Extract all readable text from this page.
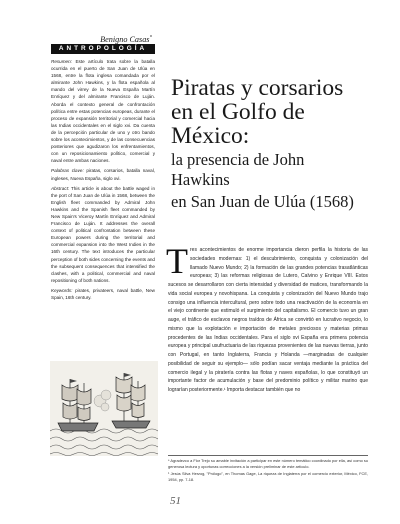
Benigno Casas*
ANTROPOLOGÍA

Resumen: Este artículo trata sobre la batalla ocurrida en el puerto de San Juan de Ulúa en 1568, entre la flota inglesa comandada por el almirante John Hawkins, y la flota española al mando del virrey de la Nueva España Martín Enríquez y del almirante Francisco de Luján. Aborda el contexto general de confrontación política entre estas potencias europeas, durante el proceso de expansión territorial y comercial hacia las Indias occidentales en el siglo xvi. Da cuenta de la percepción particular de uno y otro bando sobre los acontecimientos, y de las consecuencias posteriores que agudizaron los enfrentamientos, con un reposicionamiento político, comercial y naval entre ambas naciones.

Palabras clave: piratas, corsarios, batalla naval, ingleses, Nueva España, siglo xvi.

Abstract: This article is about the battle waged in the port of San Juan de Ulúa in 1568, between the English fleet commanded by Admiral John Hawkins and the Spanish fleet commanded by New Spain's Viceroy Martín Enríquez and Admiral Francisco de Luján. It addresses the overall context of political confrontation between these European powers during the territorial and commercial expansion into the West Indies in the 16th century. The text introduces the particular perception of both sides concerning the events and the subsequent consequences that intensified the clashes, with a political, commercial and naval repositioning of both nations.

Keywords: pirates, privateers, naval battle, New Spain, 16th century.

Piratas y corsarios
en el Golfo de México:
la presencia de John Hawkins
en San Juan de Ulúa (1568)
Tres acontecimientos de enorme importancia dieron perfila la historia de las sociedades modernas: 1) el descubrimiento, conquista y colonización del llamado Nuevo Mundo; 2) la formación de las grandes potencias trasatlánticas europeas; 3) las reformas religiosas de Lutero, Calvino y Enrique VIII. Estos sucesos se desarrollaron con cierta intensidad y diversidad de matices, transformando la vida social europea y novohispana. La conquista y colonización del Nuevo Mundo trajo consigo una influencia intercultural, pero sobre todo una reactivación de la economía en el viejo continente que estimuló el surgimiento del capitalismo. El comercio tuvo un gran auge, el tráfico de esclavos negros traídos de África se convirtió en lucrativo negocio, lo mismo que la explotación e importación de metales preciosos y materias primas procedentes de las Indias occidentales. Para el siglo xvi España era primera potencia europea y principal usufructuaria de las riquezas provenientes de las nuevas tierras, junto con Portugal, en tanto Inglaterra, Francia y Holanda —marginadas de cualquier posibilidad de seguir su ejemplo— sólo podían sacar ventaja mediante la práctica del comercio ilegal y la piratería contra las flotas y naves españolas, lo que constituyó un importante factor de acumulación y base del predominio político y militar marino que lograrían posteriormente.¹ Importa destacar también que no

* Agradezco a Flor Trejo su amable invitación a participar en este número temático coordinado por ella, así como su generosa lectura y oportunas correcciones a la versión preliminar de este artículo.

¹ Jesús Silva Herzog, "Prólogo", en Thomas Gage, La riqueza de Inglaterra por el comercio exterior, México, FCE, 1954, pp. 7-18.

51
